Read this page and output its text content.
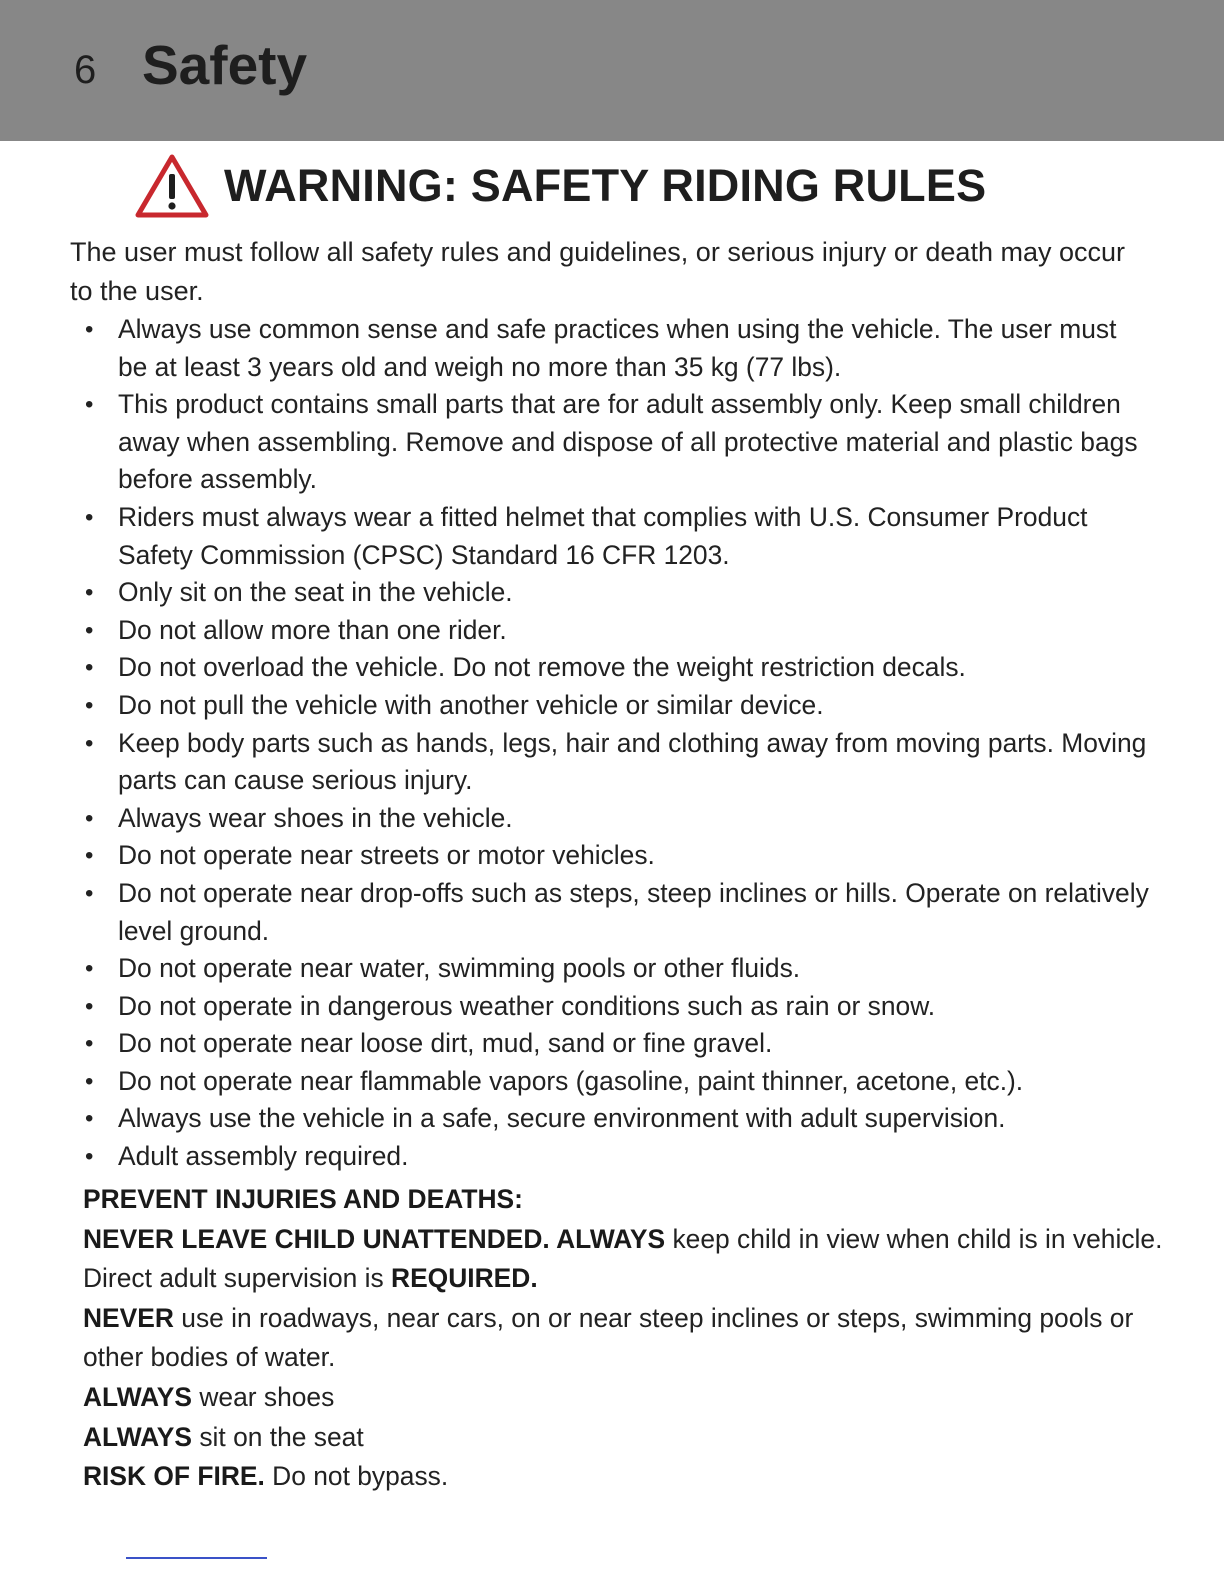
6 Safety
WARNING: SAFETY RIDING RULES

The user must follow all safety rules and guidelines, or serious injury or death may occur to the user.

• Always use common sense and safe practices when using the vehicle. The user must be at least 3 years old and weigh no more than 35 kg (77 lbs).
• This product contains small parts that are for adult assembly only. Keep small children away when assembling. Remove and dispose of all protective material and plastic bags before assembly.
• Riders must always wear a fitted helmet that complies with U.S. Consumer Product Safety Commission (CPSC) Standard 16 CFR 1203.
• Only sit on the seat in the vehicle.
• Do not allow more than one rider.
• Do not overload the vehicle. Do not remove the weight restriction decals.
• Do not pull the vehicle with another vehicle or similar device.
• Keep body parts such as hands, legs, hair and clothing away from moving parts. Moving parts can cause serious injury.
• Always wear shoes in the vehicle.
• Do not operate near streets or motor vehicles.
• Do not operate near drop-offs such as steps, steep inclines or hills. Operate on relatively level ground.
• Do not operate near water, swimming pools or other fluids.
• Do not operate in dangerous weather conditions such as rain or snow.
• Do not operate near loose dirt, mud, sand or fine gravel.
• Do not operate near flammable vapors (gasoline, paint thinner, acetone, etc.).
• Always use the vehicle in a safe, secure environment with adult supervision.
• Adult assembly required.

PREVENT INJURIES AND DEATHS:

NEVER LEAVE CHILD UNATTENDED. ALWAYS keep child in view when child is in vehicle. Direct adult supervision is REQUIRED.

NEVER use in roadways, near cars, on or near steep inclines or steps, swimming pools or other bodies of water.

ALWAYS wear shoes

ALWAYS sit on the seat

RISK OF FIRE. Do not bypass.
